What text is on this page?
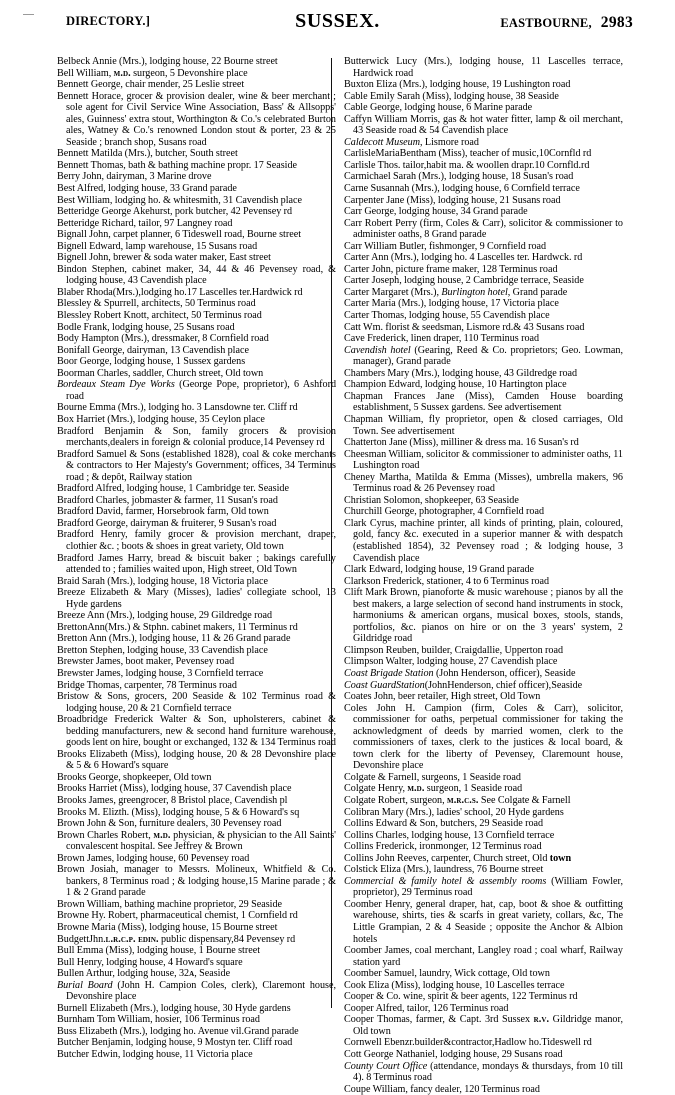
DIRECTORY.]	SUSSEX.	EASTBOURNE, 2983

Belbeck Annie (Mrs.), lodging house, 22 Bourne street

Bell William, m.d. surgeon, 5 Devonshire place

Bennett George, chair mender, 25 Leslie street

Bennett Horace, grocer & provision dealer, wine & beer merchant ; sole agent for Civil Service Wine Association, Bass' & Allsopps' ales, Guinness' extra stout, Worthington & Co.'s celebrated Burton ales, Watney & Co.'s renowned London stout & porter, 23 & 25 Seaside ; branch shop, Susans road

Bennett Matilda (Mrs.), butcher, South street

Bennett Thomas, bath & bathing machine propr. 17 Seaside

Berry John, dairyman, 3 Marine drove

Best Alfred, lodging house, 33 Grand parade

Best William, lodging ho. & whitesmith, 31 Cavendish place

Betteridge George Akehurst, pork butcher, 42 Pevensey rd

Betteridge Richard, tailor, 97 Langney road

Bignall John, carpet planner, 6 Tideswell road, Bourne street

Bignell Edward, lamp warehouse, 15 Susans road

Bignell John, brewer & soda water maker, East street

Bindon Stephen, cabinet maker, 34, 44 & 46 Pevensey road, & lodging house, 43 Cavendish place

Blaber Rhoda(Mrs.),lodging ho.17 Lascelles ter.Hardwick rd

Blessley & Spurrell, architects, 50 Terminus road

Blessley Robert Knott, architect, 50 Terminus road

Bodle Frank, lodging house, 25 Susans road

Body Hampton (Mrs.), dressmaker, 8 Cornfield road

Bonifall George, dairyman, 13 Cavendish place

Boor George, lodging house, 1 Sussex gardens

Boorman Charles, saddler, Church street, Old town

Bordeaux Steam Dye Works (George Pope, proprietor), 6 Ashford road

Bourne Emma (Mrs.), lodging ho. 3 Lansdowne ter. Cliff rd

Box Harriet (Mrs.), lodging house, 35 Ceylon place

Bradford Benjamin & Son, family grocers & provision merchants,dealers in foreign & colonial produce,14 Pevensey rd

Bradford Samuel & Sons (established 1828), coal & coke merchants & contractors to Her Majesty's Government; offices, 34 Terminus road ; & depôt, Railway station

Bradford Alfred, lodging house, 1 Cambridge ter. Seaside

Bradford Charles, jobmaster & farmer, 11 Susan's road

Bradford David, farmer, Horsebrook farm, Old town

Bradford George, dairyman & fruiterer, 9 Susan's road

Bradford Henry, family grocer & provision merchant, draper, clothier &c. ; boots & shoes in great variety, Old town

Bradford James Harry, bread & biscuit baker ; bakings carefully attended to ; families waited upon, High street, Old Town

Braid Sarah (Mrs.), lodging house, 18 Victoria place

Breeze Elizabeth & Mary (Misses), ladies' collegiate school, 13 Hyde gardens

Breeze Ann (Mrs.), lodging house, 29 Gildredge road

BrettonAnn(Mrs.) & Stphn. cabinet makers, 11 Terminus rd

Bretton Ann (Mrs.), lodging house, 11 & 26 Grand parade

Bretton Stephen, lodging house, 33 Cavendish place

Brewster James, boot maker, Pevensey road

Brewster James, lodging house, 3 Cornfield terrace

Bridge Thomas, carpenter, 78 Terminus road

Bristow & Sons, grocers, 200 Seaside & 102 Terminus road & lodging house, 20 & 21 Cornfield terrace

Broadbridge Frederick Walter & Son, upholsterers, cabinet & bedding manufacturers, new & second hand furniture warehouse, goods lent on hire, bought or exchanged, 132 & 134 Terminus road

Brooks Elizabeth (Miss), lodging house, 20 & 28 Devonshire place & 5 & 6 Howard's square

Brooks George, shopkeeper, Old town

Brooks Harriet (Miss), lodging house, 37 Cavendish place

Brooks James, greengrocer, 8 Bristol place, Cavendish pl

Brooks M. Elizth. (Miss), lodging house, 5 & 6 Howard's sq

Brown John & Son, furniture dealers, 30 Pevensey road

Brown Charles Robert, m.d. physician, & physician to the All Saints' convalescent hospital. See Jeffrey & Brown

Brown James, lodging house, 60 Pevensey road

Brown Josiah, manager to Messrs. Molineux, Whitfield & Co. bankers, 8 Terminus road ; & lodging house,15 Marine parade ; & 1 & 2 Grand parade

Brown William, bathing machine proprietor, 29 Seaside

Browne Hy. Robert, pharmaceutical chemist, 1 Cornfield rd

Browne Maria (Miss), lodging house, 15 Bourne street

BudgettJhn.l.r.c.p. edin. public dispensary,84 Pevensey rd

Bull Emma (Miss), lodging house, 1 Bourne street

Bull Henry, lodging house, 4 Howard's square

Bullen Arthur, lodging house, 32a, Seaside

Burial Board (John H. Campion Coles, clerk), Claremont house, Devonshire place

Burnell Elizabeth (Mrs.), lodging house, 30 Hyde gardens

Burnham Tom William, hosier, 106 Terminus road

Buss Elizabeth (Mrs.), lodging ho. Avenue vil.Grand parade

Butcher Benjamin, lodging house, 9 Mostyn ter. Cliff road

Butcher Edwin, lodging house, 11 Victoria place

Butterwick Lucy (Mrs.), lodging house, 11 Lascelles terrace, Hardwick road

Buxton Eliza (Mrs.), lodging house, 19 Lushington road

Cable Emily Sarah (Miss), lodging house, 38 Seaside

Cable George, lodging house, 6 Marine parade

Caffyn William Morris, gas & hot water fitter, lamp & oil merchant, 43 Seaside road & 54 Cavendish place

Caldecott Museum, Lismore road

CarlisleMariaBentham (Miss), teacher of music,10Cornfld rd

Carlisle Thos. tailor,habit ma. & woollen drapr.10 Cornfld.rd

Carmichael Sarah (Mrs.), lodging house, 18 Susan's road

Carne Susannah (Mrs.), lodging house, 6 Cornfield terrace

Carpenter Jane (Miss), lodging house, 21 Susans road

Carr George, lodging house, 34 Grand parade

Carr Robert Perry (firm, Coles & Carr), solicitor & commissioner to administer oaths, 8 Grand parade

Carr William Butler, fishmonger, 9 Cornfield road

Carter Ann (Mrs.), lodging ho. 4 Lascelles ter. Hardwck. rd

Carter John, picture frame maker, 128 Terminus road

Carter Joseph, lodging house, 2 Cambridge terrace, Seaside

Carter Margaret (Mrs.), Burlington hotel, Grand parade

Carter Maria (Mrs.), lodging house, 17 Victoria place

Carter Thomas, lodging house, 55 Cavendish place

Catt Wm. florist & seedsman, Lismore rd.& 43 Susans road

Cave Frederick, linen draper, 110 Terminus road

Cavendish hotel (Gearing, Reed & Co. proprietors; Geo. Lowman, manager), Grand parade

Chambers Mary (Mrs.), lodging house, 43 Gildredge road

Champion Edward, lodging house, 10 Hartington place

Chapman Frances Jane (Miss), Camden House boarding establishment, 5 Sussex gardens. See advertisement

Chapman William, fly proprietor, open & closed carriages, Old Town. See advertisement

Chatterton Jane (Miss), milliner & dress ma. 16 Susan's rd

Cheesman William, solicitor & commissioner to administer oaths, 11 Lushington road

Cheney Martha, Matilda & Emma (Misses), umbrella makers, 96 Terminus road & 26 Pevensey road

Christian Solomon, shopkeeper, 63 Seaside

Churchill George, photographer, 4 Cornfield road

Clark Cyrus, machine printer, all kinds of printing, plain, coloured, gold, fancy &c. executed in a superior manner & with despatch (established 1854), 32 Pevensey road ; & lodging house, 3 Cavendish place

Clark Edward, lodging house, 19 Grand parade

Clarkson Frederick, stationer, 4 to 6 Terminus road

Clift Mark Brown, pianoforte & music warehouse ; pianos by all the best makers, a large selection of second hand instruments in stock, harmoniums & american organs, musical boxes, stools, stands, portfolios, &c. pianos on hire or on the 3 years' system, 2 Gildridge road

Climpson Reuben, builder, Craigdallie, Upperton road

Climpson Walter, lodging house, 27 Cavendish place

Coast Brigade Station (John Henderson, officer), Seaside

Coast GuardStation(JohnHenderson, chief officer),Seaside

Coates John, beer retailer, High street, Old Town

Coles John H. Campion (firm, Coles & Carr), solicitor, commissioner for oaths, perpetual commissioner for taking the acknowledgment of deeds by married women, clerk to the commissioners of taxes, clerk to the justices & local board, & town clerk for the liberty of Pevensey, Claremount house, Devonshire place

Colgate & Farnell, surgeons, 1 Seaside road

Colgate Henry, m.d. surgeon, 1 Seaside road

Colgate Robert, surgeon, m.r.c.s. See Colgate & Farnell

Colibran Mary (Mrs.), ladies' school, 20 Hyde gardens

Collins Edward & Son, butchers, 29 Seaside road

Collins Charles, lodging house, 13 Cornfield terrace

Collins Frederick, ironmonger, 12 Terminus road

Collins John Reeves, carpenter, Church street, Old town

Colstick Eliza (Mrs.), laundress, 76 Bourne street

Commercial & family hotel & assembly rooms (William Fowler, proprietor), 29 Terminus road

Coomber Henry, general draper, hat, cap, boot & shoe & outfitting warehouse, shirts, ties & scarfs in great variety, collars, &c, The Little Grampian, 2 & 4 Seaside ; opposite the Anchor & Albion hotels

Coomber James, coal merchant, Langley road ; coal wharf, Railway station yard

Coomber Samuel, laundry, Wick cottage, Old town

Cook Eliza (Miss), lodging house, 10 Lascelles terrace

Cooper & Co. wine, spirit & beer agents, 122 Terminus rd

Cooper Alfred, tailor, 126 Terminus road

Cooper Thomas, farmer, & Capt. 3rd Sussex r.v. Gildridge manor, Old town

Cornwell Ebenzr.builder&contractor,Hadlow ho.Tideswell rd

Cott George Nathaniel, lodging house, 29 Susans road

County Court Office (attendance, mondays & thursdays, from 10 till 4). 8 Terminus road

Coupe William, fancy dealer, 120 Terminus road
